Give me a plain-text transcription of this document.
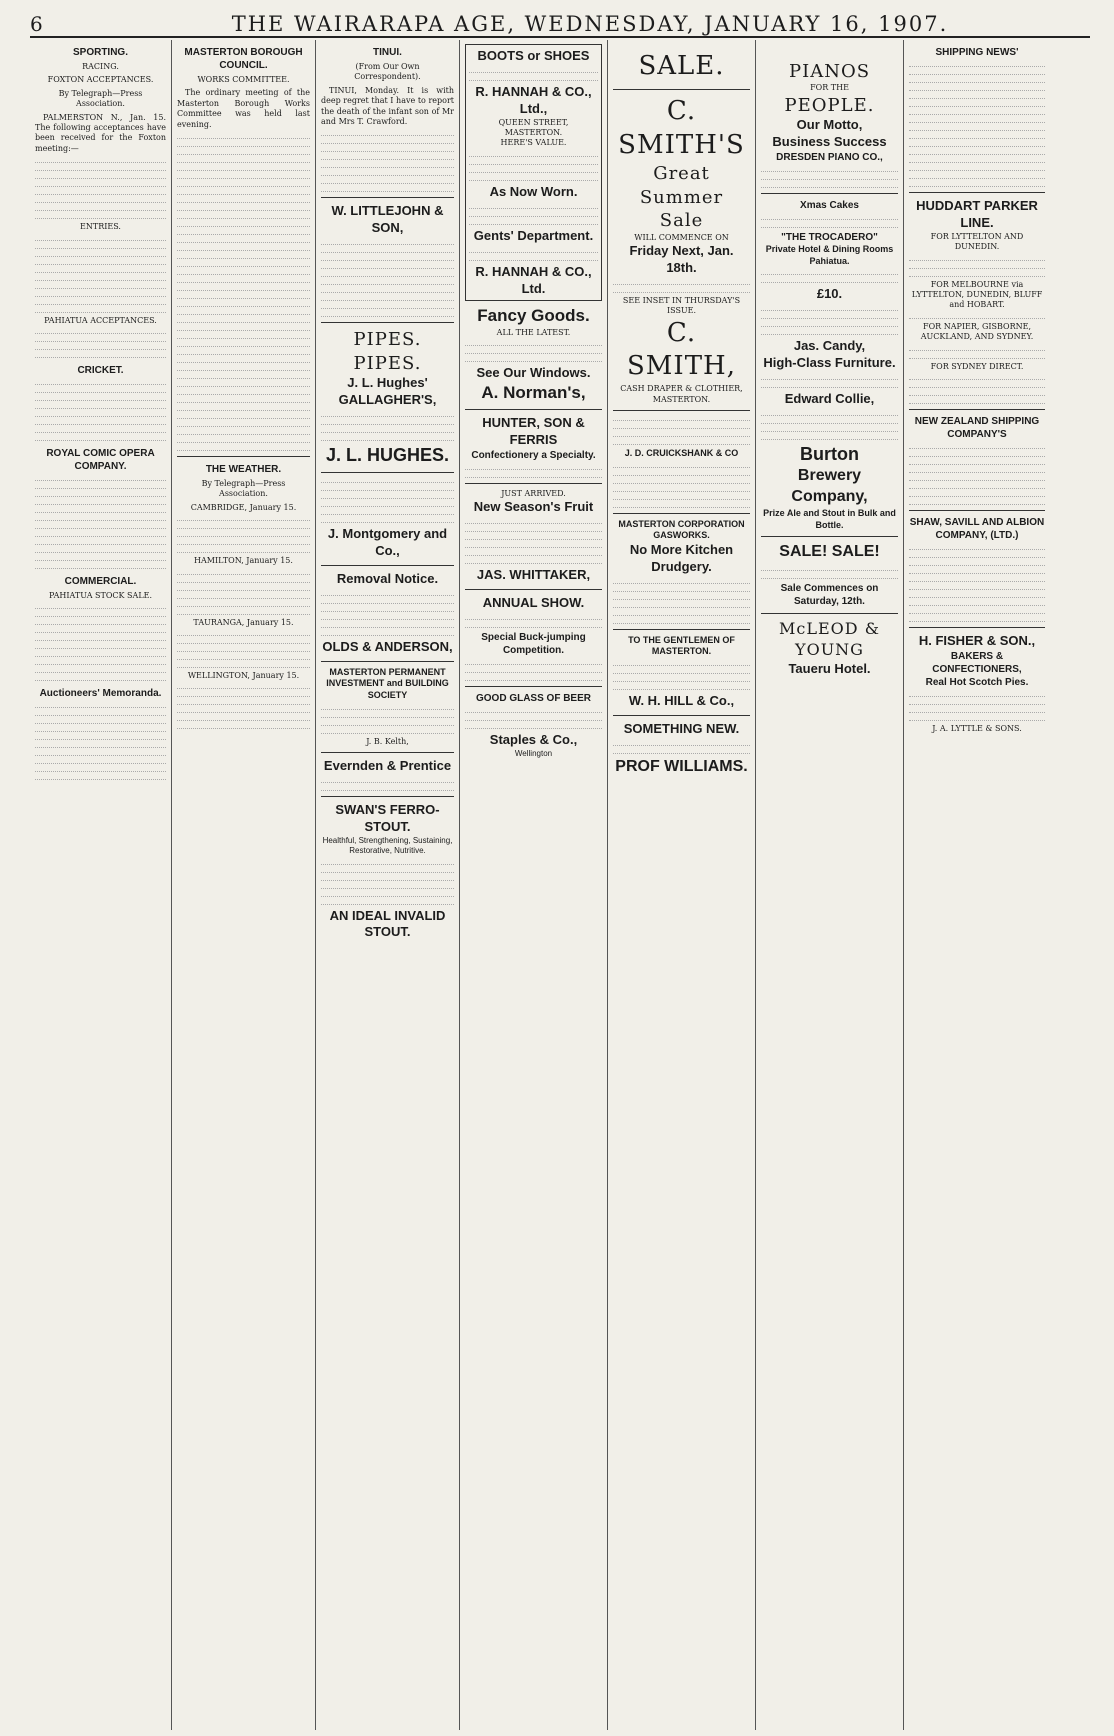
6	THE WAIRARAPA AGE, WEDNESDAY, JANUARY 16, 1907.
SPORTING.
RACING.
FOXTON ACCEPTANCES.
By Telegraph—Press Association.

PALMERSTON N., Jan. 15. The following acceptances have been received for the Foxton meeting:—

ENTRIES.
PAHIATUA ACCEPTANCES.
CRICKET.
ROYAL COMIC OPERA COMPANY.
COMMERCIAL.
PAHIATUA STOCK SALE.
Auctioneers' Memoranda.
MASTERTON BOROUGH COUNCIL.
WORKS COMMITTEE.

The ordinary meeting of the Masterton Borough Works Committee was held last evening.

THE WEATHER.
By Telegraph—Press Association.
CAMBRIDGE, January 15.
HAMILTON, January 15.
TAURANGA, January 15.
WELLINGTON, January 15.
TINUI.
(From Our Own Correspondent).

TINUI, Monday. It is with deep regret that I have to report the death of the infant son of Mr and Mrs T. Crawford.

W. LITTLEJOHN & SON,
PIPES. PIPES.
J. L. Hughes'
GALLAGHER'S,
J. L. HUGHES.
J. Montgomery and Co.,
Removal Notice.
OLDS & ANDERSON,
MASTERTON PERMANENT INVESTMENT and BUILDING SOCIETY
J. B. Kelth,
Evernden & Prentice
SWAN'S FERRO-STOUT.
Healthful, Strengthening, Sustaining, Restorative, Nutritive.
AN IDEAL INVALID STOUT.
BOOTS or SHOES
R. HANNAH & CO., Ltd.,
QUEEN STREET, MASTERTON.
HERE'S VALUE.
As Now Worn.
Gents' Department.
R. HANNAH & CO., Ltd.
Fancy Goods.
ALL THE LATEST.
See Our Windows.
A. Norman's,
HUNTER, SON & FERRIS
Confectionery a Specialty.
JUST ARRIVED.
New Season's Fruit
JAS. WHITTAKER,
ANNUAL SHOW.
Special Buck-jumping Competition.
GOOD GLASS OF BEER
Staples & Co.,
Wellington
SALE.
C. SMITH'S
Great Summer
Sale
WILL COMMENCE ON
Friday Next, Jan. 18th.
SEE INSET IN THURSDAY'S ISSUE.
C. SMITH,
CASH DRAPER & CLOTHIER,
MASTERTON.
J. D. CRUICKSHANK & CO
MASTERTON CORPORATION GASWORKS.
No More Kitchen Drudgery.
TO THE GENTLEMEN OF MASTERTON.
W. H. HILL & Co.,
SOMETHING NEW.
PROF WILLIAMS.
PIANOS
FOR THE
PEOPLE.
Our Motto,
Business Success
DRESDEN PIANO CO.,
Xmas Cakes
"THE TROCADERO"
Private Hotel & Dining Rooms
Pahiatua.
£10.
Jas. Candy,
High-Class Furniture.
Edward Collie,
Burton
Brewery
Company,
Prize Ale and Stout in Bulk and Bottle.
SALE! SALE!
Sale Commences on Saturday, 12th.
McLEOD & YOUNG
Taueru Hotel.
SHIPPING NEWS'
HUDDART PARKER LINE.
FOR LYTTELTON AND DUNEDIN.
FOR MELBOURNE via LYTTELTON, DUNEDIN, BLUFF and HOBART.
FOR NAPIER, GISBORNE, AUCKLAND, AND SYDNEY.
FOR SYDNEY DIRECT.
NEW ZEALAND SHIPPING COMPANY'S
SHAW, SAVILL AND ALBION COMPANY, (LTD.)
H. FISHER & SON.,
BAKERS & CONFECTIONERS,
Real Hot Scotch Pies.
J. A. LYTTLE & SONS.
